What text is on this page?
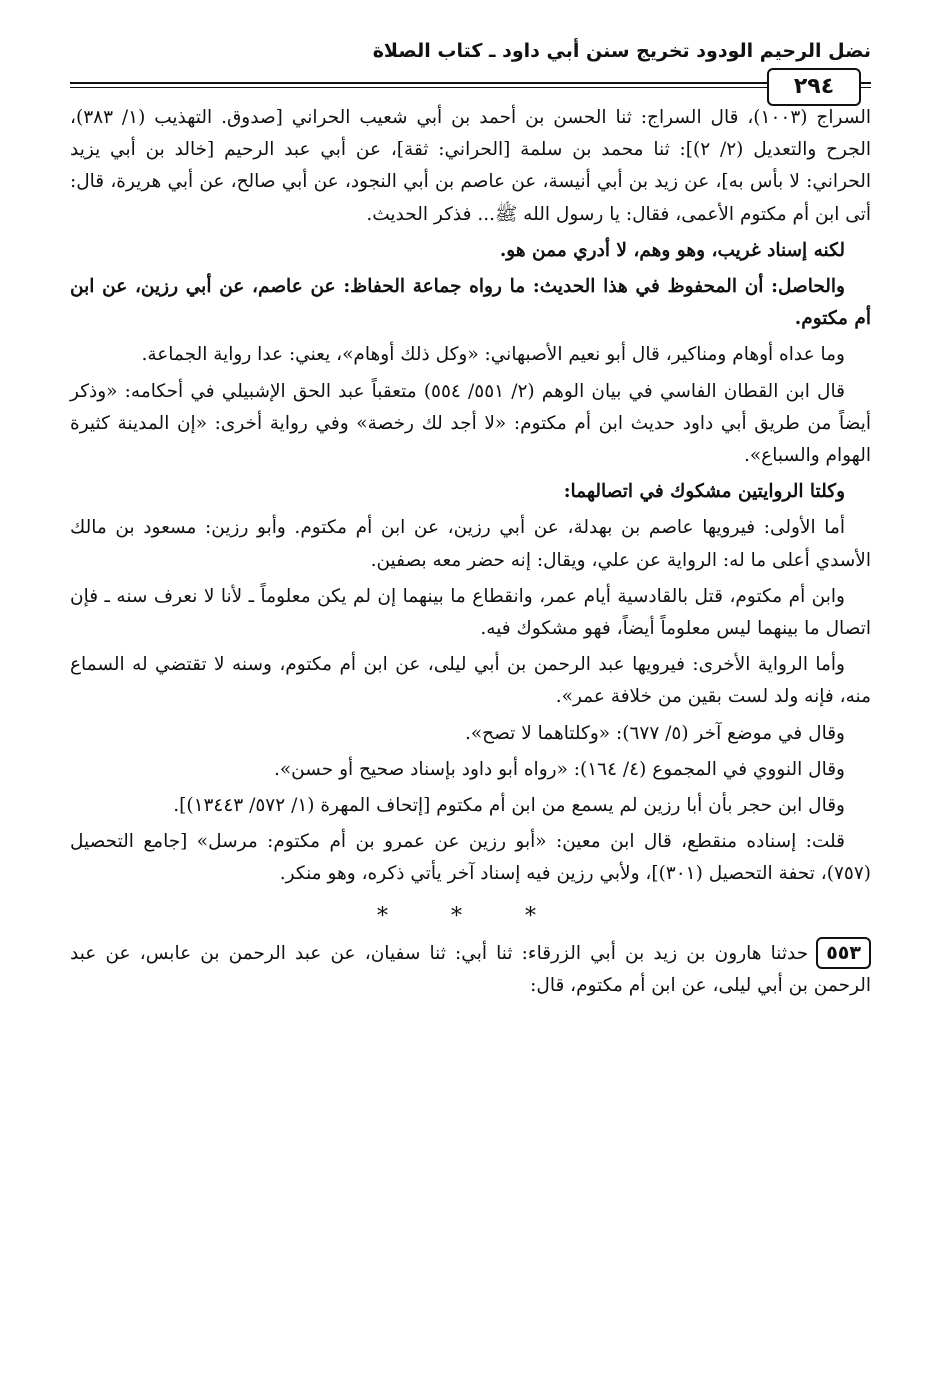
نضل الرحيم الودود تخريج سنن أبي داود ـ كتاب الصلاة
٢٩٤

السراج (١٠٠٣)، قال السراج: ثنا الحسن بن أحمد بن أبي شعيب الحراني [صدوق. التهذيب (١/ ٣٨٣)، الجرح والتعديل (٢/ ٢)]: ثنا محمد بن سلمة [الحراني: ثقة]، عن أبي عبد الرحيم [خالد بن أبي يزيد الحراني: لا بأس به]، عن زيد بن أبي أنيسة، عن عاصم بن أبي النجود، عن أبي صالح، عن أبي هريرة، قال: أتى ابن أم مكتوم الأعمى، فقال: يا رسول الله ﷺ... فذكر الحديث.

لكنه إسناد غريب، وهو وهم، لا أدري ممن هو.

والحاصل: أن المحفوظ في هذا الحديث: ما رواه جماعة الحفاظ: عن عاصم، عن أبي رزين، عن ابن أم مكتوم.

وما عداه أوهام ومناكير، قال أبو نعيم الأصبهاني: «وكل ذلك أوهام»، يعني: عدا رواية الجماعة.

قال ابن القطان الفاسي في بيان الوهم (٢/ ٥٥١/ ٥٥٤) متعقباً عبد الحق الإشبيلي في أحكامه: «وذكر أيضاً من طريق أبي داود حديث ابن أم مكتوم: «لا أجد لك رخصة» وفي رواية أخرى: «إن المدينة كثيرة الهوام والسباع».

وكلتا الروايتين مشكوك في اتصالهما:

أما الأولى: فيرويها عاصم بن بهدلة، عن أبي رزين، عن ابن أم مكتوم. وأبو رزين: مسعود بن مالك الأسدي أعلى ما له: الرواية عن علي، ويقال: إنه حضر معه بصفين.

وابن أم مكتوم، قتل بالقادسية أيام عمر، وانقطاع ما بينهما إن لم يكن معلوماً ـ لأنا لا نعرف سنه ـ فإن اتصال ما بينهما ليس معلوماً أيضاً، فهو مشكوك فيه.

وأما الرواية الأخرى: فيرويها عبد الرحمن بن أبي ليلى، عن ابن أم مكتوم، وسنه لا تقتضي له السماع منه، فإنه ولد لست بقين من خلافة عمر».

وقال في موضع آخر (٥/ ٦٧٧): «وكلتاهما لا تصح».

وقال النووي في المجموع (٤/ ١٦٤): «رواه أبو داود بإسناد صحيح أو حسن».

وقال ابن حجر بأن أبا رزين لم يسمع من ابن أم مكتوم [إتحاف المهرة (١/ ٥٧٢/ ١٣٤٤٣)].

قلت: إسناده منقطع، قال ابن معين: «أبو رزين عن عمرو بن أم مكتوم: مرسل» [جامع التحصيل (٧٥٧)، تحفة التحصيل (٣٠١)]، ولأبي رزين فيه إسناد آخر يأتي ذكره، وهو منكر.

* * *

٥٥٣حدثنا هارون بن زيد بن أبي الزرقاء: ثنا أبي: ثنا سفيان، عن عبد الرحمن بن عابس، عن عبد الرحمن بن أبي ليلى، عن ابن أم مكتوم، قال:
